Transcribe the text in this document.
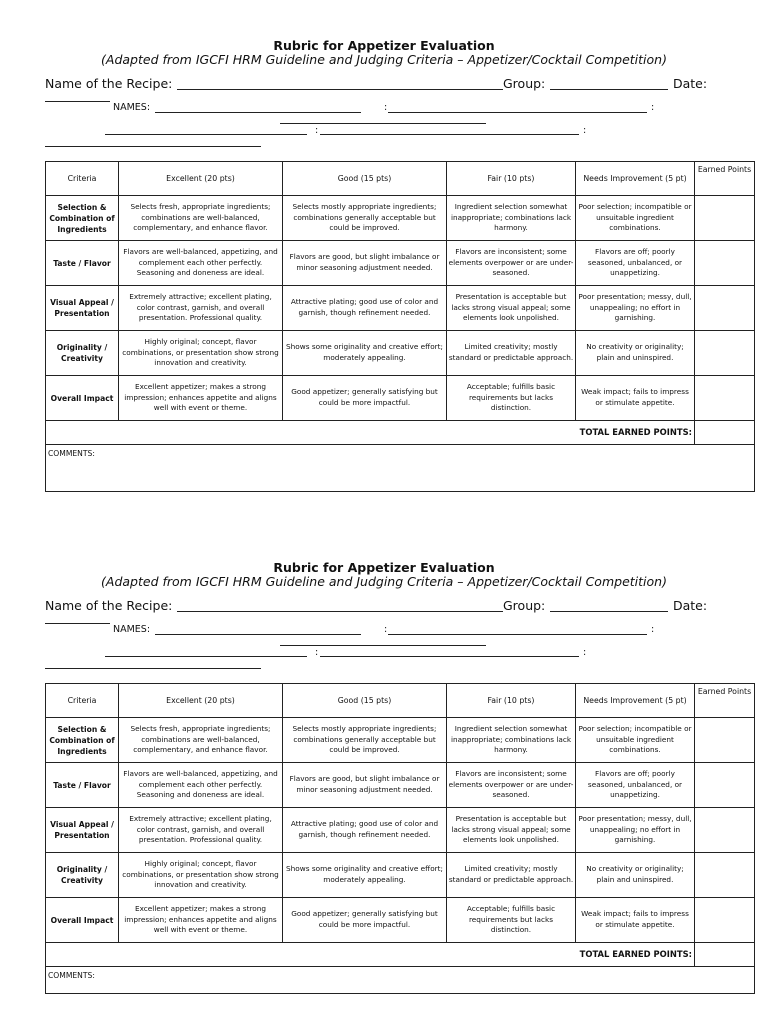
Rubric for Appetizer Evaluation
(Adapted from IGCFI HRM Guideline and Judging Criteria – Appetizer/Cocktail Competition)
Name of the Recipe:	Group:	Date:
NAMES:	:	:
:	:
Criteria	Excellent (20 pts)	Good (15 pts)	Fair (10 pts)	Needs Improvement (5 pt)	Earned Points
Selection & Combination of Ingredients	Selects fresh, appropriate ingredients; combinations are well-balanced, complementary, and enhance flavor.	Selects mostly appropriate ingredients; combinations generally acceptable but could be improved.	Ingredient selection somewhat inappropriate; combinations lack harmony.	Poor selection; incompatible or unsuitable ingredient combinations.	
Taste / Flavor	Flavors are well-balanced, appetizing, and complement each other perfectly. Seasoning and doneness are ideal.	Flavors are good, but slight imbalance or minor seasoning adjustment needed.	Flavors are inconsistent; some elements overpower or are under-seasoned.	Flavors are off; poorly seasoned, unbalanced, or unappetizing.	
Visual Appeal / Presentation	Extremely attractive; excellent plating, color contrast, garnish, and overall presentation. Professional quality.	Attractive plating; good use of color and garnish, though refinement needed.	Presentation is acceptable but lacks strong visual appeal; some elements look unpolished.	Poor presentation; messy, dull, unappealing; no effort in garnishing.	
Originality / Creativity	Highly original; concept, flavor combinations, or presentation show strong innovation and creativity.	Shows some originality and creative effort; moderately appealing.	Limited creativity; mostly standard or predictable approach.	No creativity or originality; plain and uninspired.	
Overall Impact	Excellent appetizer; makes a strong impression; enhances appetite and aligns well with event or theme.	Good appetizer; generally satisfying but could be more impactful.	Acceptable; fulfills basic requirements but lacks distinction.	Weak impact; fails to impress or stimulate appetite.	
TOTAL EARNED POINTS:					
COMMENTS:					
Rubric for Appetizer Evaluation
(Adapted from IGCFI HRM Guideline and Judging Criteria – Appetizer/Cocktail Competition)
Name of the Recipe:	Group:	Date:
NAMES:	:	:
:	:
Criteria	Excellent (20 pts)	Good (15 pts)	Fair (10 pts)	Needs Improvement (5 pt)	Earned Points
Selection & Combination of Ingredients	Selects fresh, appropriate ingredients; combinations are well-balanced, complementary, and enhance flavor.	Selects mostly appropriate ingredients; combinations generally acceptable but could be improved.	Ingredient selection somewhat inappropriate; combinations lack harmony.	Poor selection; incompatible or unsuitable ingredient combinations.	
Taste / Flavor	Flavors are well-balanced, appetizing, and complement each other perfectly. Seasoning and doneness are ideal.	Flavors are good, but slight imbalance or minor seasoning adjustment needed.	Flavors are inconsistent; some elements overpower or are under-seasoned.	Flavors are off; poorly seasoned, unbalanced, or unappetizing.	
Visual Appeal / Presentation	Extremely attractive; excellent plating, color contrast, garnish, and overall presentation. Professional quality.	Attractive plating; good use of color and garnish, though refinement needed.	Presentation is acceptable but lacks strong visual appeal; some elements look unpolished.	Poor presentation; messy, dull, unappealing; no effort in garnishing.	
Originality / Creativity	Highly original; concept, flavor combinations, or presentation show strong innovation and creativity.	Shows some originality and creative effort; moderately appealing.	Limited creativity; mostly standard or predictable approach.	No creativity or originality; plain and uninspired.	
Overall Impact	Excellent appetizer; makes a strong impression; enhances appetite and aligns well with event or theme.	Good appetizer; generally satisfying but could be more impactful.	Acceptable; fulfills basic requirements but lacks distinction.	Weak impact; fails to impress or stimulate appetite.	
TOTAL EARNED POINTS:					
COMMENTS:					
